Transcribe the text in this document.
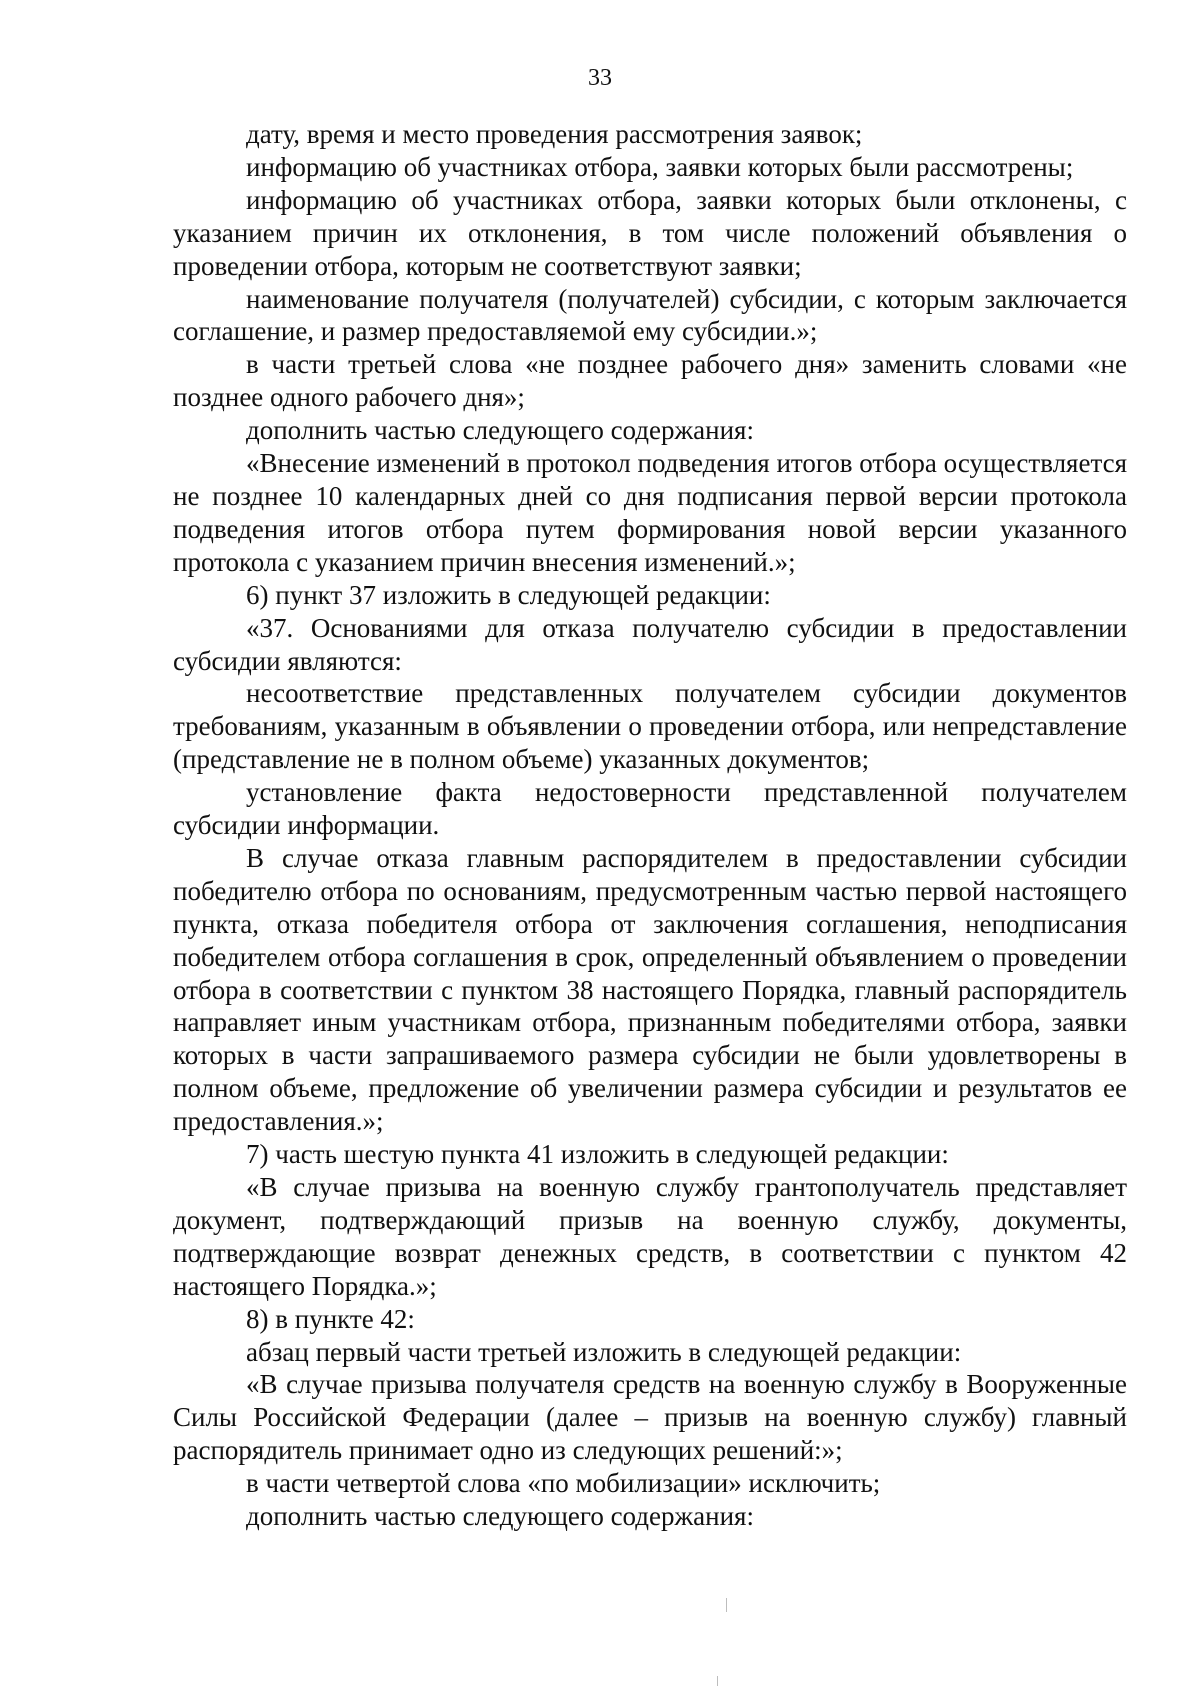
33

дату, время и место проведения рассмотрения заявок;

информацию об участниках отбора, заявки которых были рассмотрены;

информацию об участниках отбора, заявки которых были отклонены, с указанием причин их отклонения, в том числе положений объявления о проведении отбора, которым не соответствуют заявки;

наименование получателя (получателей) субсидии, с которым заключается соглашение, и размер предоставляемой ему субсидии.»;

в части третьей слова «не позднее рабочего дня» заменить словами «не позднее одного рабочего дня»;

дополнить частью следующего содержания:

«Внесение изменений в протокол подведения итогов отбора осуществляется не позднее 10 календарных дней со дня подписания первой версии протокола подведения итогов отбора путем формирования новой версии указанного протокола с указанием причин внесения изменений.»;

6) пункт 37 изложить в следующей редакции:

«37. Основаниями для отказа получателю субсидии в предоставлении субсидии являются:

несоответствие представленных получателем субсидии документов требованиям, указанным в объявлении о проведении отбора, или непредставление (представление не в полном объеме) указанных документов;

установление факта недостоверности представленной получателем субсидии информации.

В случае отказа главным распорядителем в предоставлении субсидии победителю отбора по основаниям, предусмотренным частью первой настоящего пункта, отказа победителя отбора от заключения соглашения, неподписания победителем отбора соглашения в срок, определенный объявлением о проведении отбора в соответствии с пунктом 38 настоящего Порядка, главный распорядитель направляет иным участникам отбора, признанным победителями отбора, заявки которых в части запрашиваемого размера субсидии не были удовлетворены в полном объеме, предложение об увеличении размера субсидии и результатов ее предоставления.»;

7) часть шестую пункта 41 изложить в следующей редакции:

«В случае призыва на военную службу грантополучатель представляет документ, подтверждающий призыв на военную службу, документы, подтверждающие возврат денежных средств, в соответствии с пунктом 42 настоящего Порядка.»;

8) в пункте 42:

абзац первый части третьей изложить в следующей редакции:

«В случае призыва получателя средств на военную службу в Вооруженные Силы Российской Федерации (далее – призыв на военную службу) главный распорядитель принимает одно из следующих решений:»;

в части четвертой слова «по мобилизации» исключить;

дополнить частью следующего содержания:
